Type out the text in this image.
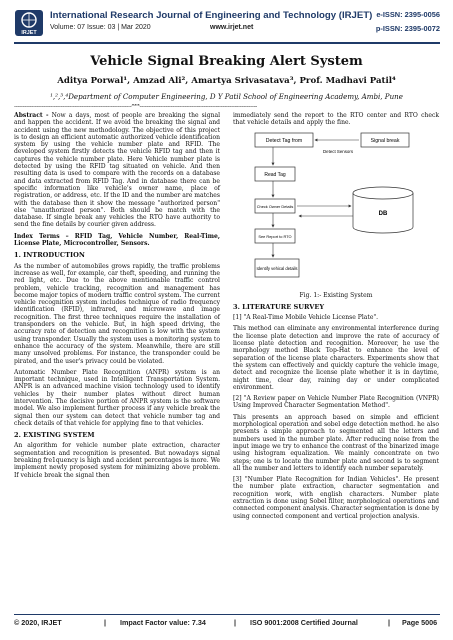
IRJET
International Research Journal of Engineering and Technology (IRJET)
Volume: 07 Issue: 03 | Mar 2020	www.irjet.net
e-ISSN: 2395-0056
p-ISSN: 2395-0072
Vehicle Signal Breaking Alert System
Aditya Porwal¹, Amzad Ali², Amartya Srivasatava³, Prof. Madhavi Patil⁴
¹,²,³,⁴Department of Computer Engineering, D Y Patil School of Engineering Academy, Ambi, Pune
--------------------------------------------------------------------***--------------------------------------------------------------------

Abstract - Now a days, most of people are breaking the signal and happen the accident. If we avoid the breaking the signal and accident using the new methodology. The objective of this project is to design an efficient automatic authorized vehicle identification system by using the vehicle number plate and RFID. The developed system firstly detects the vehicle RFID tag and then it captures the vehicle number plate. Here Vehicle number plate is detected by using the RFID tag situated on vehicle. And then resulting data is used to compare with the records on a database and data extracted from RFID Tag. And in database there can be specific information like vehicle's owner name, place of registration, or address, etc. If the ID and the number are matches with the database then it show the message "authorized person" else "unauthorized person". Both should be match with the database. If single break any vehicles the RTO have authority to send the fine details by courier given address.

Index Terms – RFID Tag, Vehicle Number, Real-Time, License Plate, Microcontroller, Sensors.

1. INTRODUCTION

As the number of automobiles grows rapidly, the traffic problems increase as well, for example, car theft, speeding, and running the red light, etc. Due to the above mentionable traffic control problem, vehicle tracking, recognition and management has become major topics of modern traffic control system. The current vehicle recognition system includes technique of radio frequency identification (RFID), infrared, and microwave and image recognition. The first three techniques require the installation of transponders on the vehicle. But, in high speed driving, the accuracy rate of detection and recognition is low with the system using transponder. Usually the system uses a monitoring system to enhance the accuracy of the system. Meanwhile, there are still many unsolved problems. For instance, the transponder could be pirated, and the user's privacy could be violated.

Automatic Number Plate Recognition (ANPR) system is an important technique, used in Intelligent Transportation System. ANPR is an advanced machine vision technology used to identify vehicles by their number plates without direct human intervention. The decisive portion of ANPR system is the software model. We also implement further process if any vehicle break the signal then our system can detect that vehicle number tag and check details of that vehicle for applying fine to that vehicles.

2. EXISTING SYSTEM

An algorithm for vehicle number plate extraction, character segmentation and recognition is presented. But nowadays signal breaking fre1quency is high and accident percentages is more. We implement newly proposed system for minimizing above problem. If vehicle break the signal then

immediately send the report to the RTO center and RTO check that vehicle details and apply the fine.

Detect Tag from	Signal break
Detect Sensors
Read Tag
Check Owner Details
See Report to RTO
Identify vehical details
DB
Fig. 1:- Existing System
3. LITERATURE SURVEY

[1] "A Real-Time Mobile Vehicle License Plate".

This method can eliminate any environmental interference during the license plate detection and improve the rate of accuracy of license plate detection and recognition. Moreover, he use the morphology method Black Top-Hat to enhance the level of separation of the license plate characters. Experiments show that the system can effectively and quickly capture the vehicle image, detect and recognize the license plate whether it is in daytime, night time, clear day, raining day or under complicated environment.

[2] "A Review paper on Vehicle Number Plate Recognition (VNPR) Using Improved Character Segmentation Method".

This presents an approach based on simple and efficient morphological operation and sobel edge detection method. he also presents a simple approach to segmented all the letters and numbers used in the number plate. After reducing noise from the input image we try to enhance the contrast of the binarized image using histogram equalization. We mainly concentrate on two steps; one is to locate the number plate and second is to segment all the number and letters to identify each number separately.

[3] "Number Plate Recognition for Indian Vehicles". He present the number plate extraction, character segmentation and recognition work, with english characters. Number plate extraction is done using Sobel filter, morphological operations and connected component analysis. Character segmentation is done by using connected component and vertical projection analysis.

© 2020, IRJET	| Impact Factor value: 7.34	| ISO 9001:2008 Certified Journal	| Page 5006
